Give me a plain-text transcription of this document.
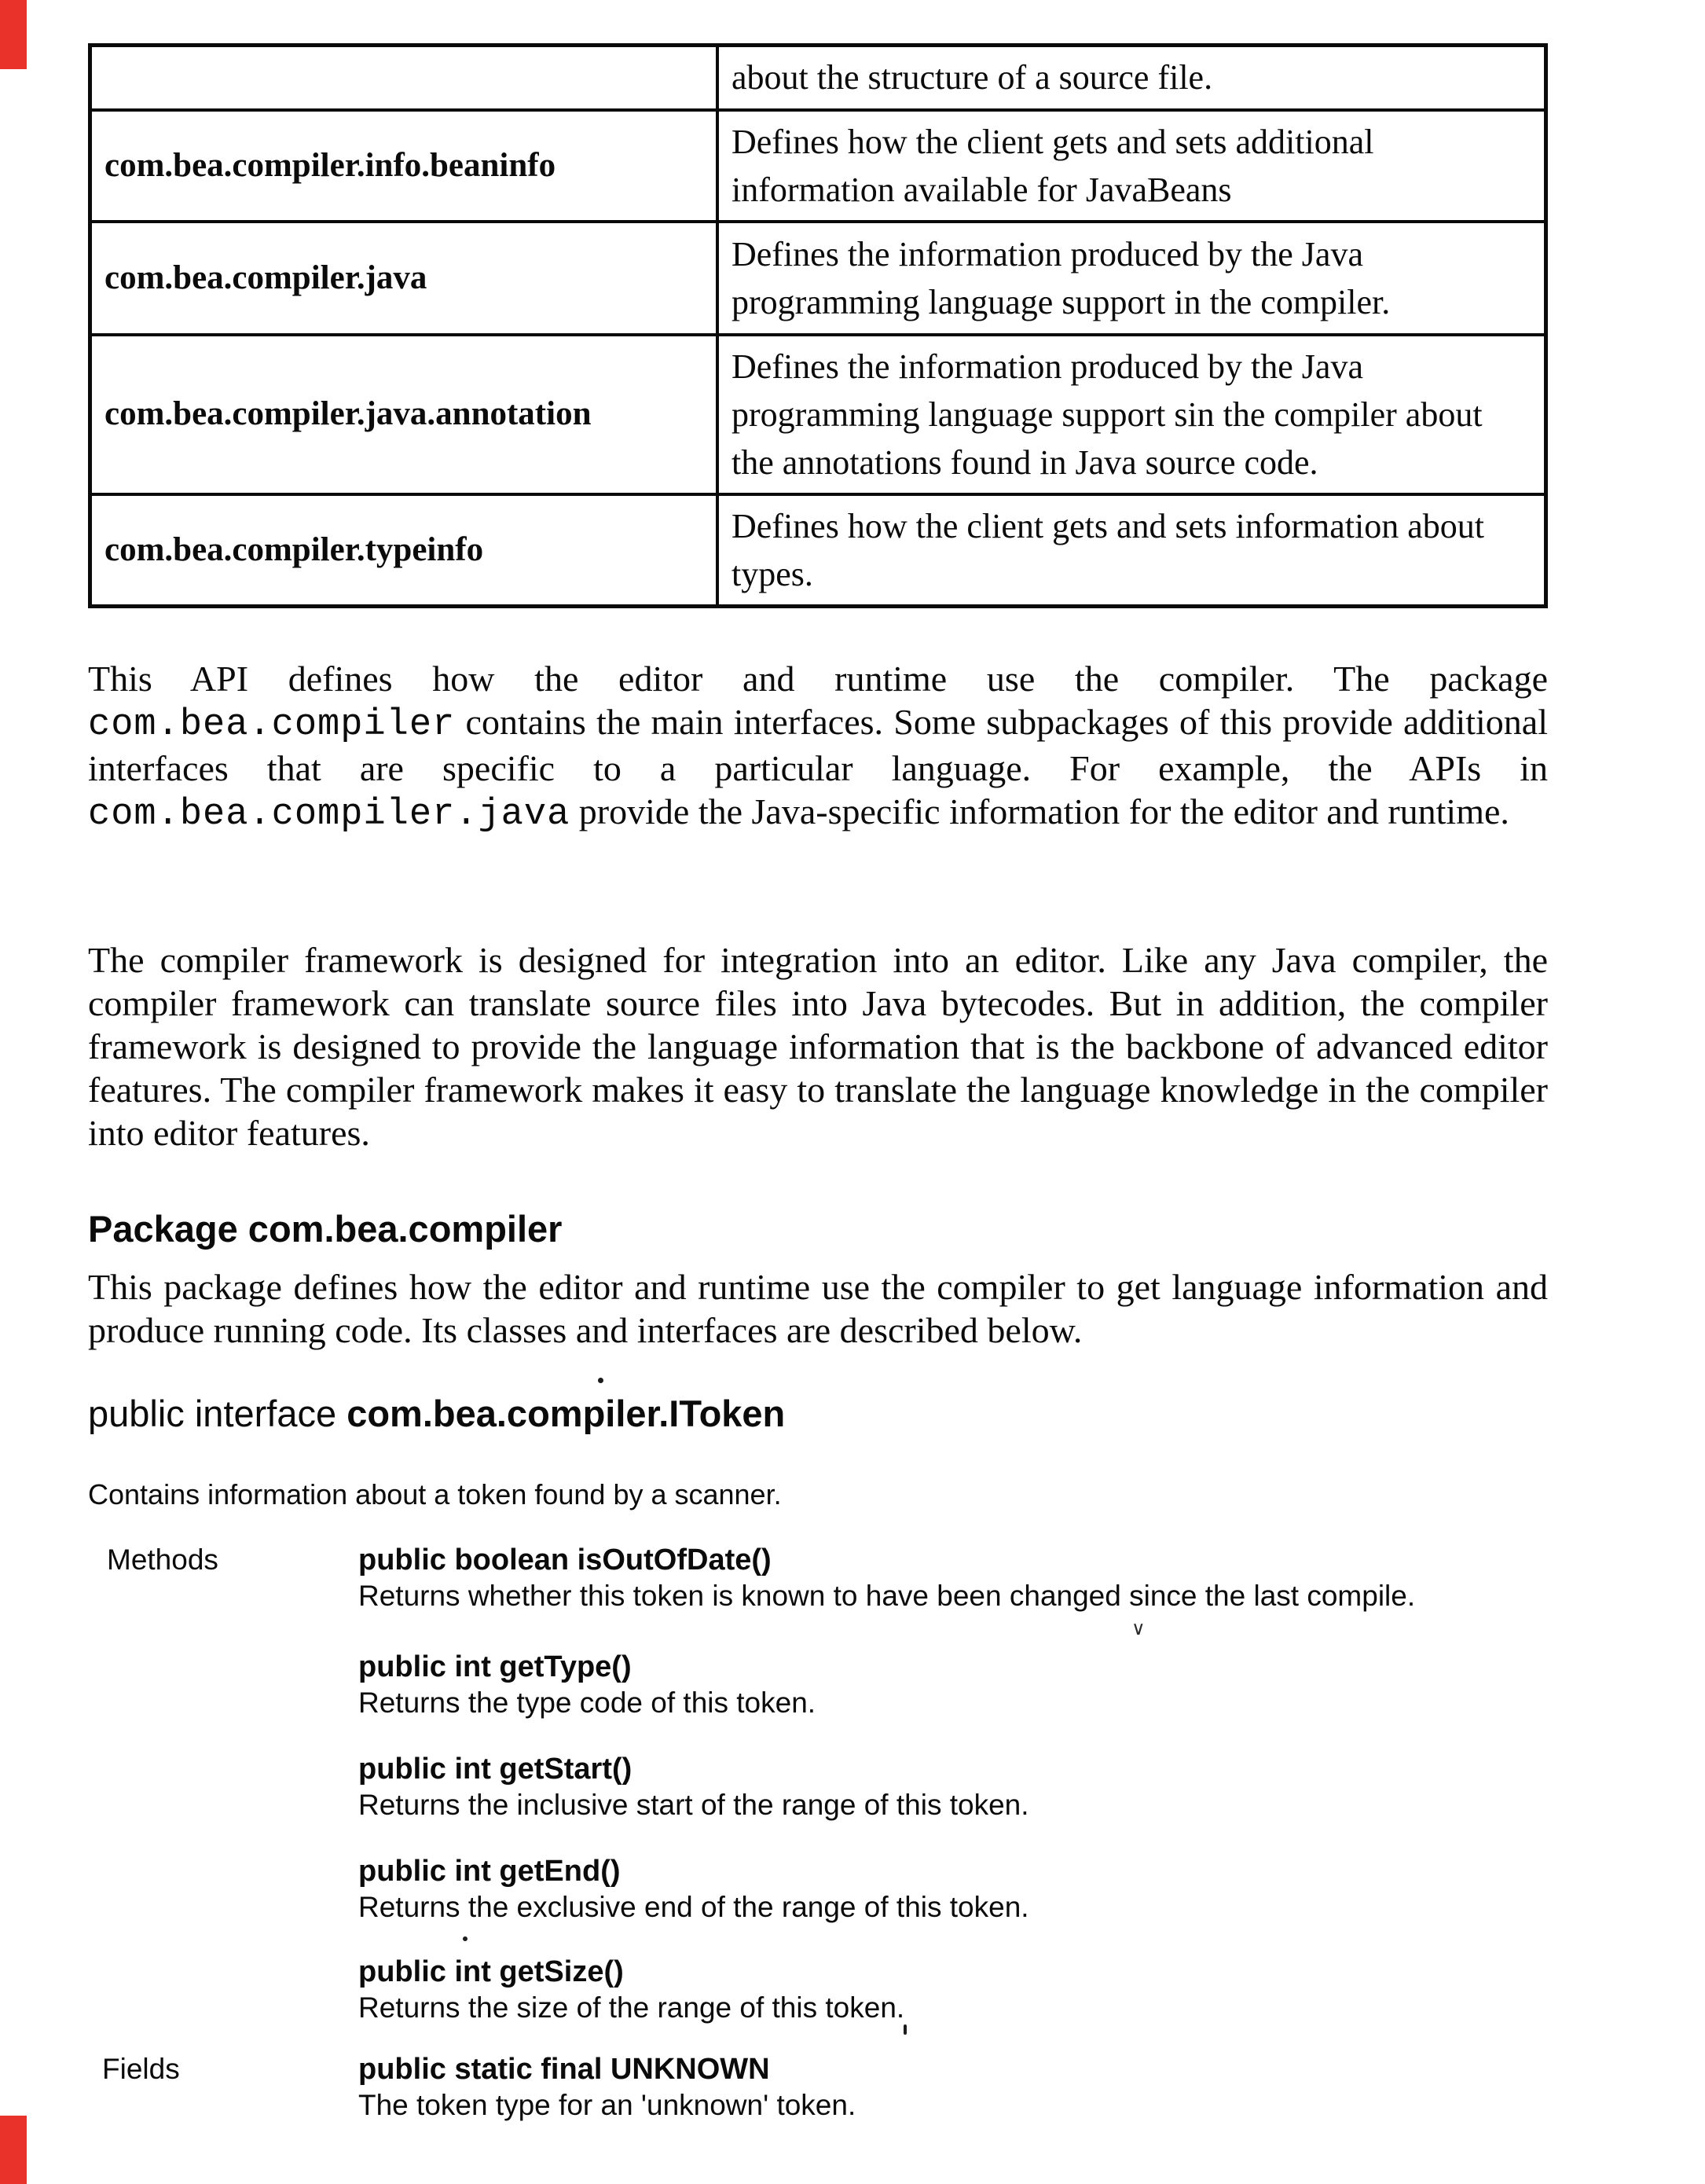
	about the structure of a source file.
com.bea.compiler.info.beaninfo	Defines how the client gets and sets additional information available for JavaBeans
com.bea.compiler.java	Defines the information produced by the Java programming language support in the compiler.
com.bea.compiler.java.annotation	Defines the information produced by the Java programming language support sin the compiler about the annotations found in Java source code.
com.bea.compiler.typeinfo	Defines how the client gets and sets information about types.

This API defines how the editor and runtime use the compiler. The package com.bea.compiler contains the main interfaces. Some subpackages of this provide additional interfaces that are specific to a particular language. For example, the APIs in com.bea.compiler.java provide the Java-specific information for the editor and runtime.

The compiler framework is designed for integration into an editor. Like any Java compiler, the compiler framework can translate source files into Java bytecodes. But in addition, the compiler framework is designed to provide the language information that is the backbone of advanced editor features. The compiler framework makes it easy to translate the language knowledge in the compiler into editor features.

Package com.bea.compiler

This package defines how the editor and runtime use the compiler to get language information and produce running code. Its classes and interfaces are described below.

public interface com.bea.compiler.IToken

Contains information about a token found by a scanner.

Methods	public boolean isOutOfDate()
Returns whether this token is known to have been changed since the last compile.
public int getType()
Returns the type code of this token.
public int getStart()
Returns the inclusive start of the range of this token.
public int getEnd()
Returns the exclusive end of the range of this token.
public int getSize()
Returns the size of the range of this token.
Fields	public static final UNKNOWN
The token type for an 'unknown' token.
∨
